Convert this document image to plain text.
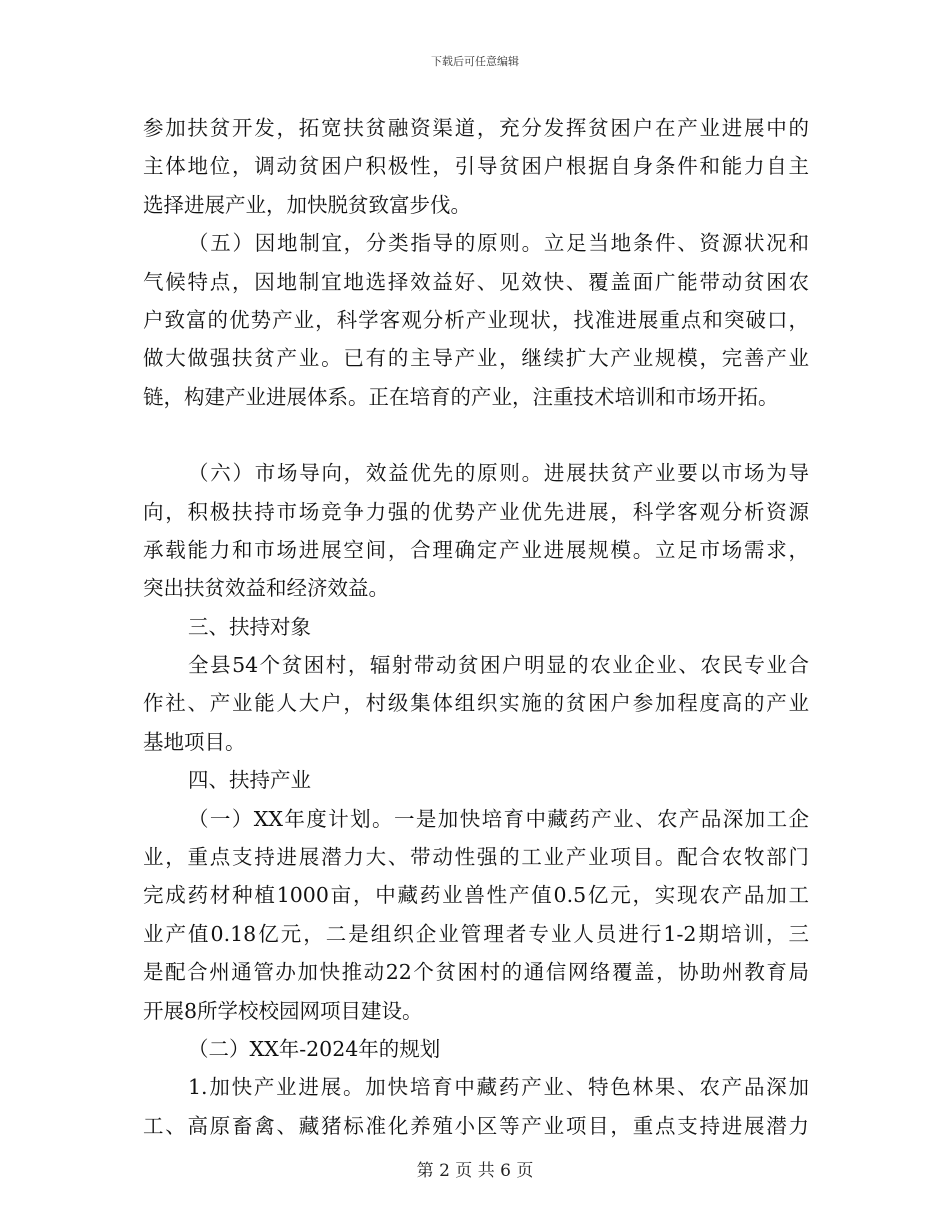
下载后可任意编辑
参加扶贫开发，拓宽扶贫融资渠道，充分发挥贫困户在产业进展中的
主体地位，调动贫困户积极性，引导贫困户根据自身条件和能力自主
选择进展产业，加快脱贫致富步伐。
（五）因地制宜，分类指导的原则。立足当地条件、资源状况和
气候特点，因地制宜地选择效益好、见效快、覆盖面广能带动贫困农
户致富的优势产业，科学客观分析产业现状，找准进展重点和突破口，
做大做强扶贫产业。已有的主导产业，继续扩大产业规模，完善产业
链，构建产业进展体系。正在培育的产业，注重技术培训和市场开拓。
（六）市场导向，效益优先的原则。进展扶贫产业要以市场为导
向，积极扶持市场竞争力强的优势产业优先进展，科学客观分析资源
承载能力和市场进展空间，合理确定产业进展规模。立足市场需求，
突出扶贫效益和经济效益。
三、扶持对象
全县54个贫困村，辐射带动贫困户明显的农业企业、农民专业合
作社、产业能人大户，村级集体组织实施的贫困户参加程度高的产业
基地项目。
四、扶持产业
（一）XX年度计划。一是加快培育中藏药产业、农产品深加工企
业，重点支持进展潜力大、带动性强的工业产业项目。配合农牧部门
完成药材种植1000亩，中藏药业兽性产值0.5亿元，实现农产品加工
业产值0.18亿元，二是组织企业管理者专业人员进行1-2期培训，三
是配合州通管办加快推动22个贫困村的通信网络覆盖，协助州教育局
开展8所学校校园网项目建设。
（二）XX年-2024年的规划
1.加快产业进展。加快培育中藏药产业、特色林果、农产品深加
工、高原畜禽、藏猪标准化养殖小区等产业项目，重点支持进展潜力
第 2 页 共 6 页
